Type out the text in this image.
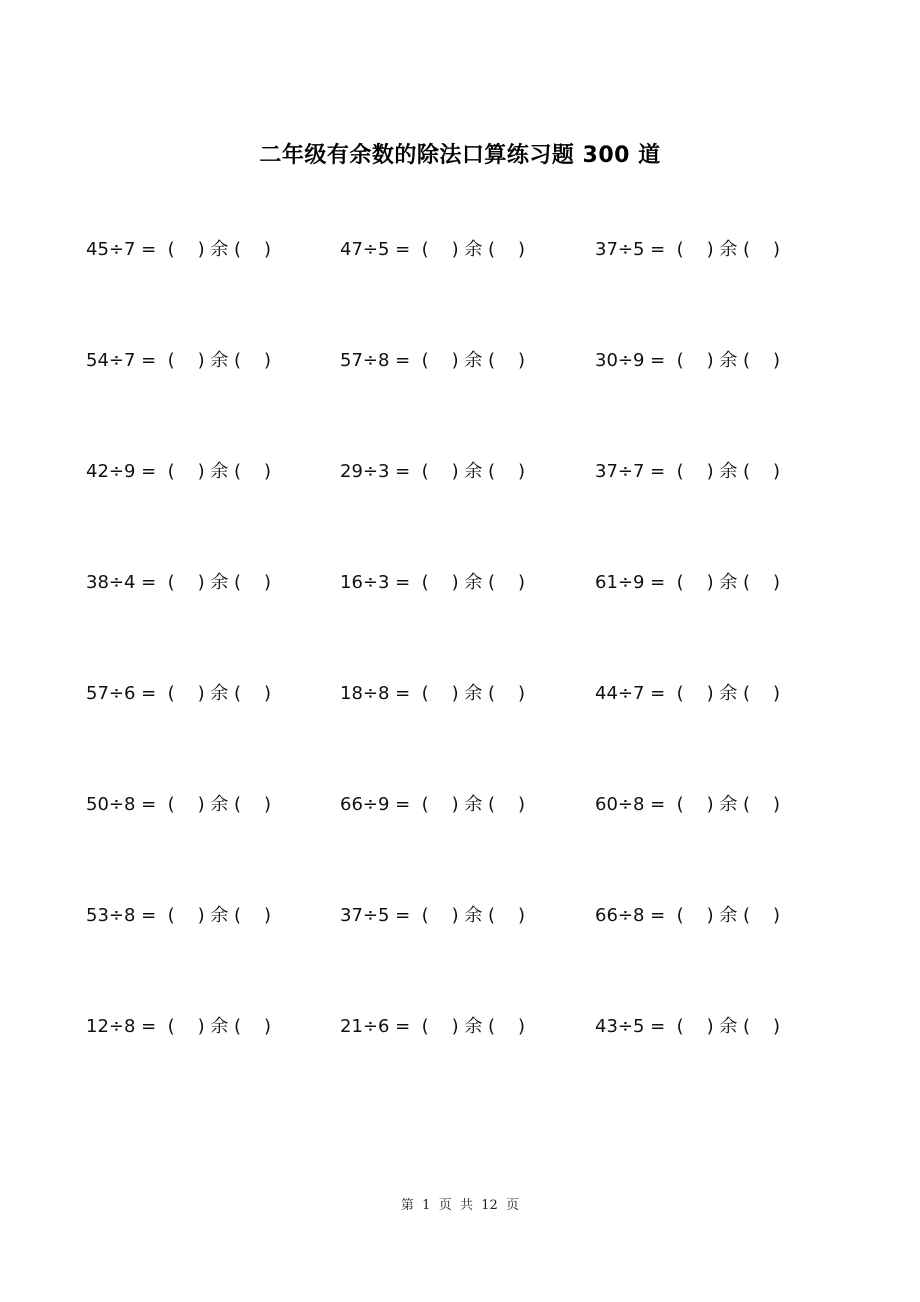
二年级有余数的除法口算练习题 300 道
45÷7 =  (    ) 余 (    )	47÷5 =  (    ) 余 (    )	37÷5 =  (    ) 余 (    )
54÷7 =  (    ) 余 (    )	57÷8 =  (    ) 余 (    )	30÷9 =  (    ) 余 (    )
42÷9 =  (    ) 余 (    )	29÷3 =  (    ) 余 (    )	37÷7 =  (    ) 余 (    )
38÷4 =  (    ) 余 (    )	16÷3 =  (    ) 余 (    )	61÷9 =  (    ) 余 (    )
57÷6 =  (    ) 余 (    )	18÷8 =  (    ) 余 (    )	44÷7 =  (    ) 余 (    )
50÷8 =  (    ) 余 (    )	66÷9 =  (    ) 余 (    )	60÷8 =  (    ) 余 (    )
53÷8 =  (    ) 余 (    )	37÷5 =  (    ) 余 (    )	66÷8 =  (    ) 余 (    )
12÷8 =  (    ) 余 (    )	21÷6 =  (    ) 余 (    )	43÷5 =  (    ) 余 (    )
第  1  页  共  12  页
